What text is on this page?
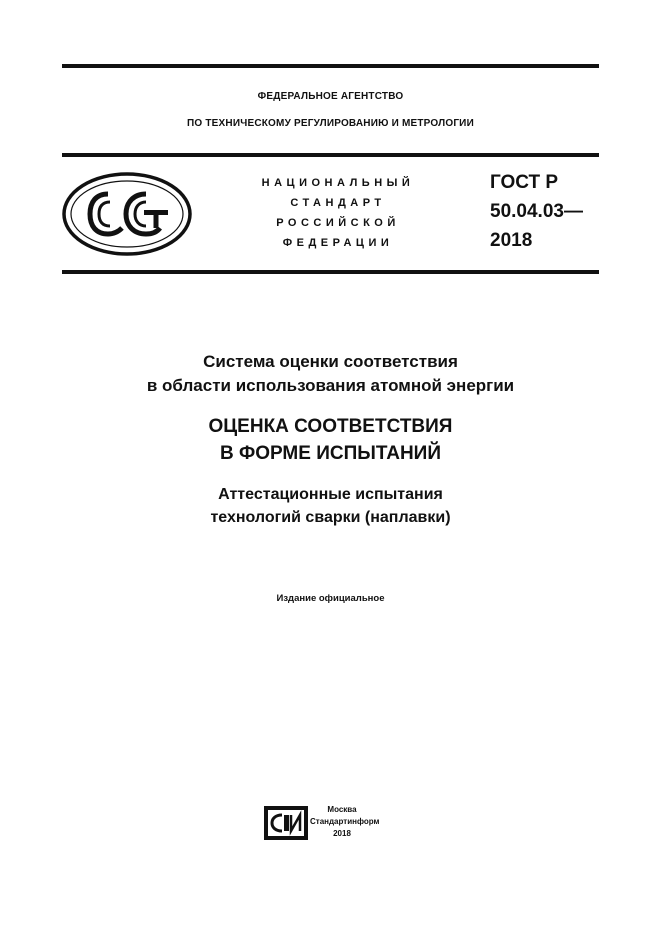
ФЕДЕРАЛЬНОЕ АГЕНТСТВО
ПО ТЕХНИЧЕСКОМУ РЕГУЛИРОВАНИЮ И МЕТРОЛОГИИ
НАЦИОНАЛЬНЫЙ
СТАНДАРТ
РОССИЙСКОЙ
ФЕДЕРАЦИИ
ГОСТ Р
50.04.03—
2018
Система оценки соответствия
в области использования атомной энергии
ОЦЕНКА СООТВЕТСТВИЯ
В ФОРМЕ ИСПЫТАНИЙ
Аттестационные испытания
технологий сварки (наплавки)
Издание официальное
Москва
Стандартинформ
2018
